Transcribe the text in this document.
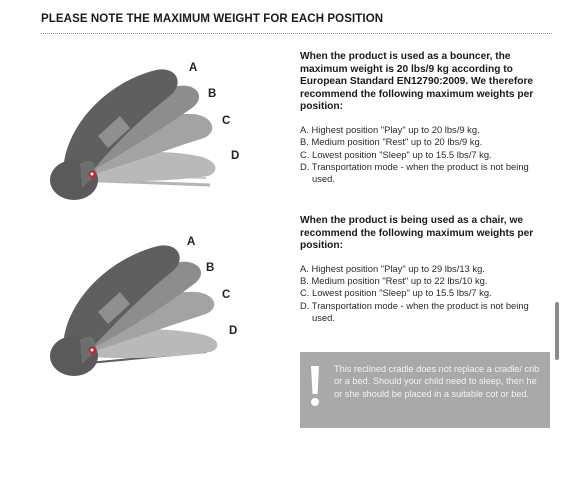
PLEASE NOTE THE MAXIMUM WEIGHT FOR EACH POSITION
A
B
C
D
A
B
C
D

When the product is used as a bouncer, the maximum weight is 20 lbs/9 kg according to European Standard EN12790:2009. We therefore recommend the following maximum weights per position:

A. Highest position "Play" up to 20 lbs/9 kg.
B. Medium position "Rest" up to 20 lbs/9 kg.
C. Lowest position "Sleep" up to 15.5 lbs/7 kg.
D. Transportation mode - when the product is not being used.

When the product is being used as a chair, we recommend the following maximum weights per position:

A. Highest position "Play" up to 29 lbs/13 kg.
B. Medium position "Rest" up to 22 lbs/10 kg.
C. Lowest position "Sleep" up to 15.5 lbs/7 kg.
D. Transportation mode - when the product is not being used.
This reclined cradle does not replace a cradle/ crib or a bed. Should your child need to sleep, then he or she should be placed in a suitable cot or bed.
